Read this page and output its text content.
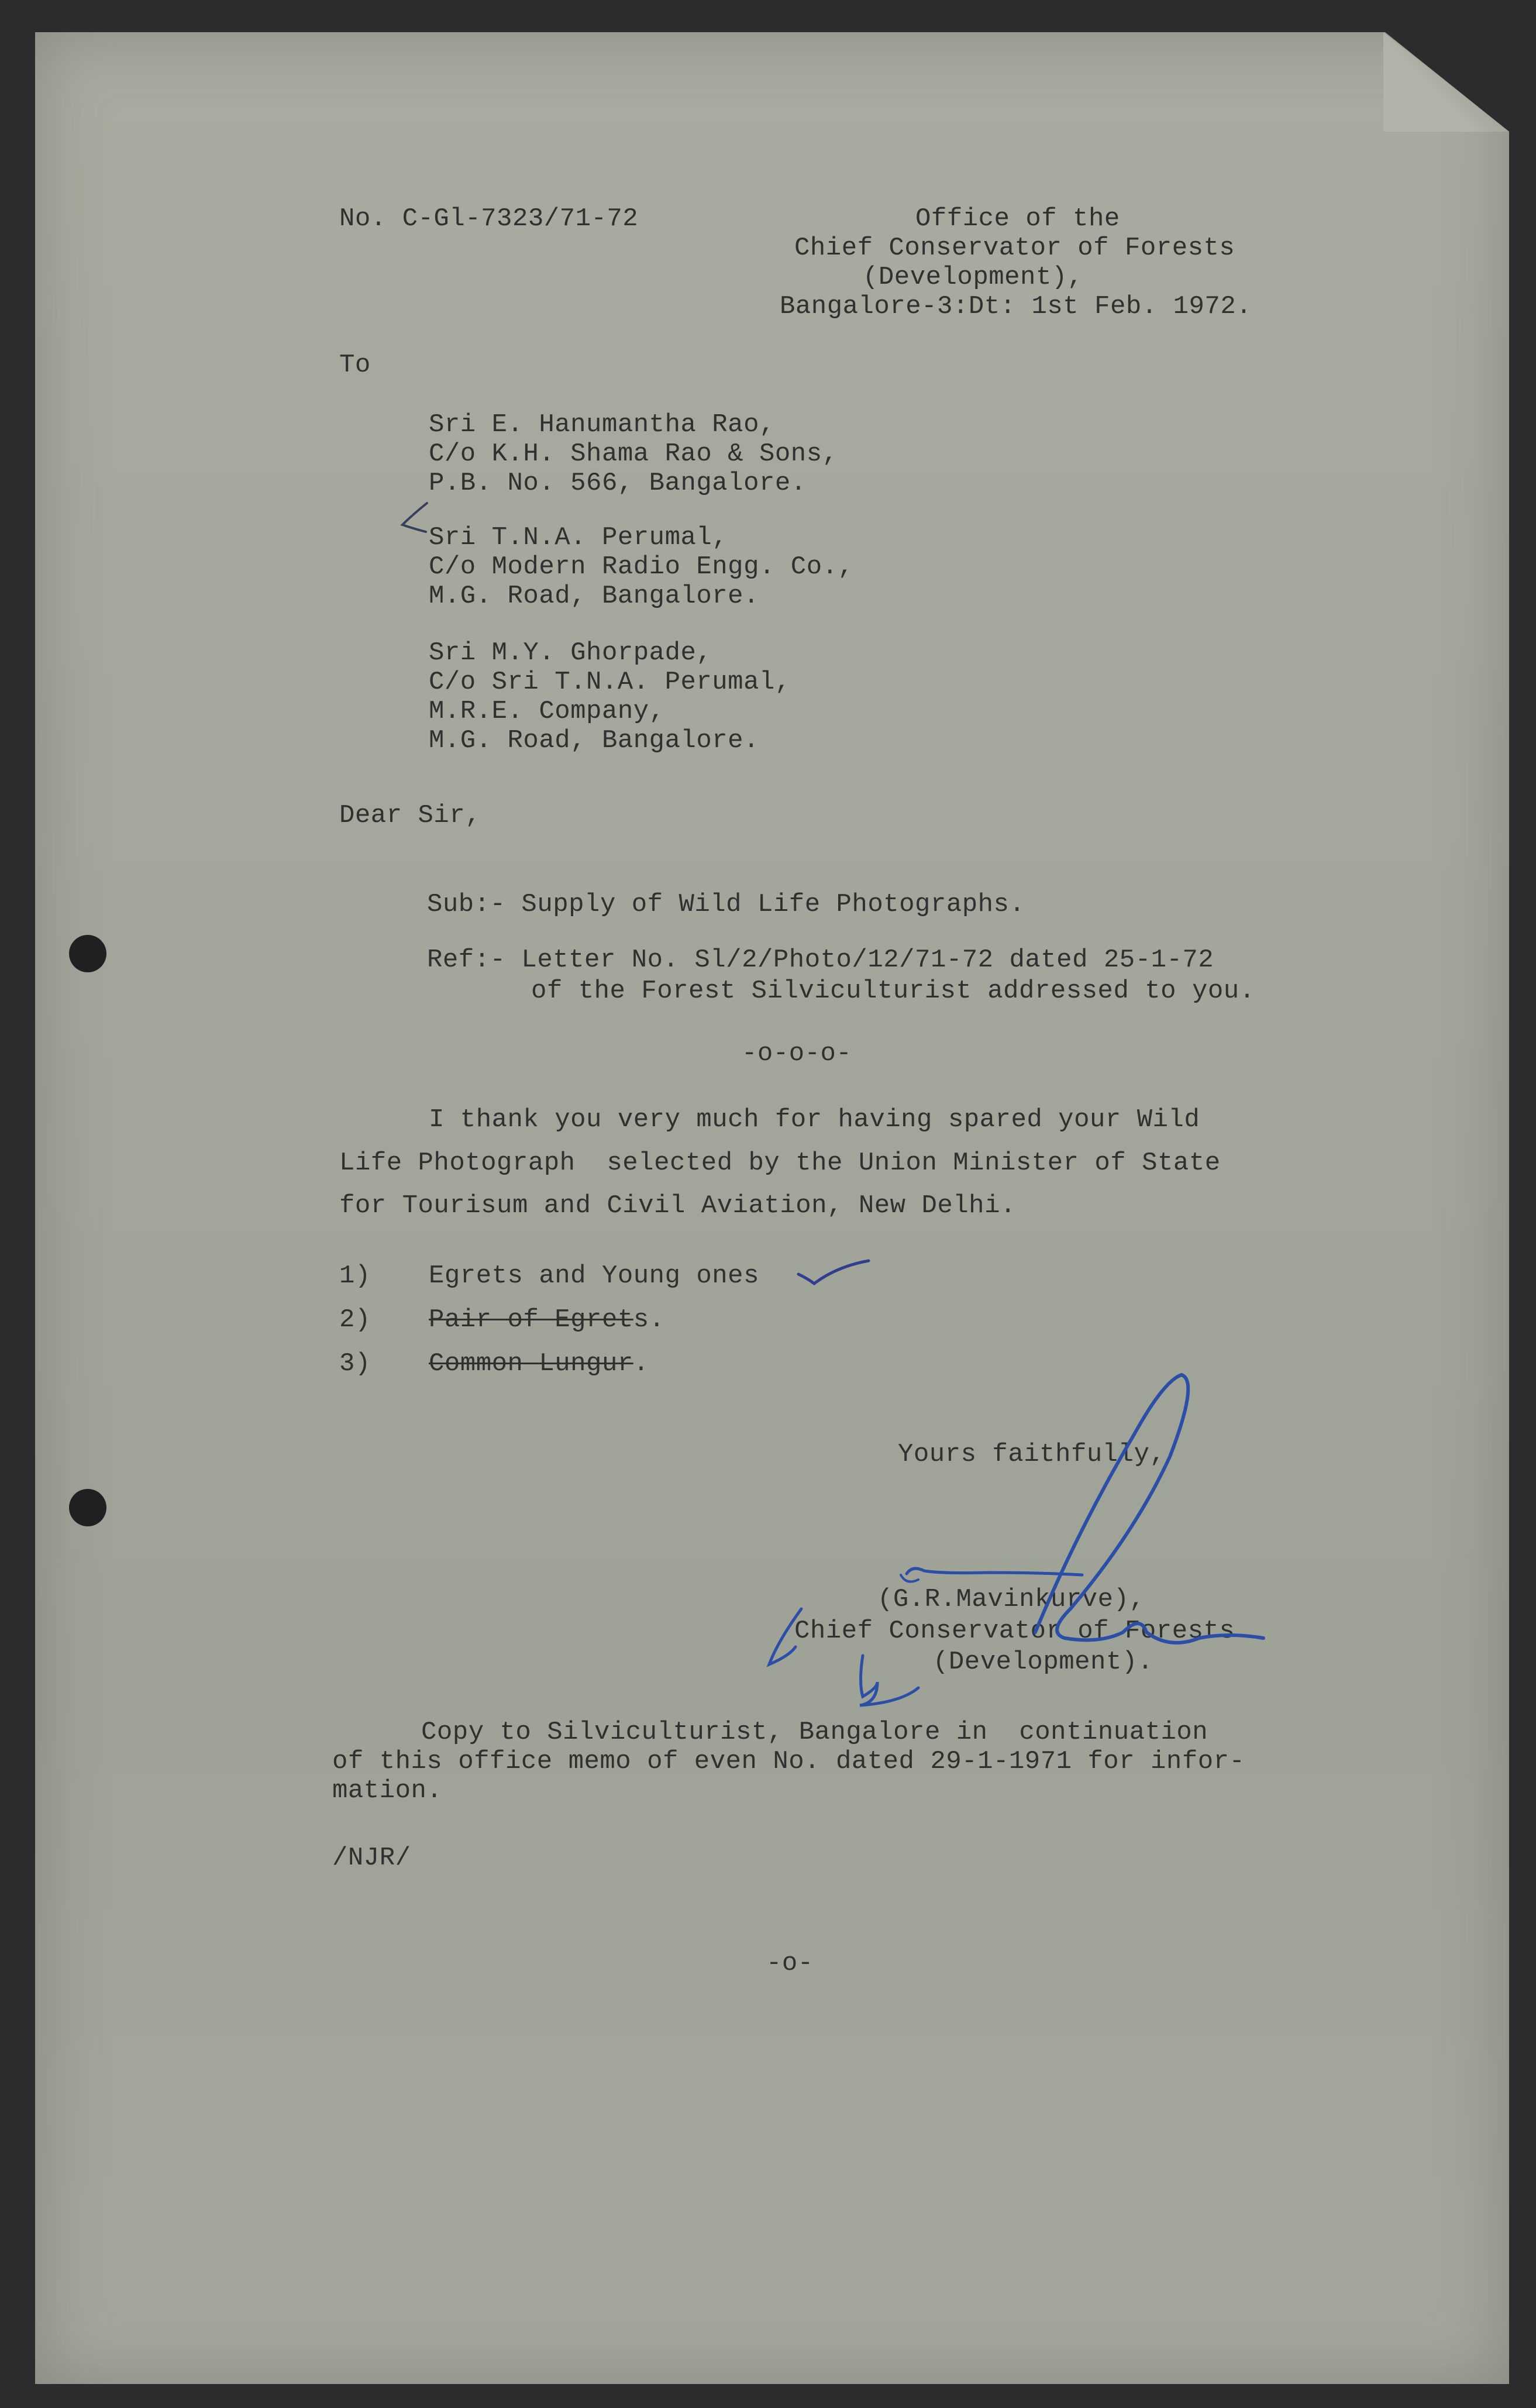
No. C-Gl-7323/71-72	Office of the
Chief Conservator of Forests
(Development),
Bangalore-3:Dt: 1st Feb. 1972.
To
Sri E. Hanumantha Rao,
C/o K.H. Shama Rao & Sons,
P.B. No. 566, Bangalore.
Sri T.N.A. Perumal,
C/o Modern Radio Engg. Co.,
M.G. Road, Bangalore.
Sri M.Y. Ghorpade,
C/o Sri T.N.A. Perumal,
M.R.E. Company,
M.G. Road, Bangalore.
Dear Sir,
Sub:- Supply of Wild Life Photographs.
Ref:- Letter No. Sl/2/Photo/12/71-72 dated 25-1-72
of the Forest Silviculturist addressed to you.
-o-o-o-
I thank you very much for having spared your Wild
Life Photograph  selected by the Union Minister of State
for Tourisum and Civil Aviation, New Delhi.
1) Egrets and Young ones
2) Pair of Egrets.
3) Common Lungur.
Yours faithfully,
(G.R.Mavinkurve),
Chief Conservator of Forests
(Development).
Copy to Silviculturist, Bangalore in  continuation
of this office memo of even No. dated 29-1-1971 for infor-
mation.
/NJR/
-o-
